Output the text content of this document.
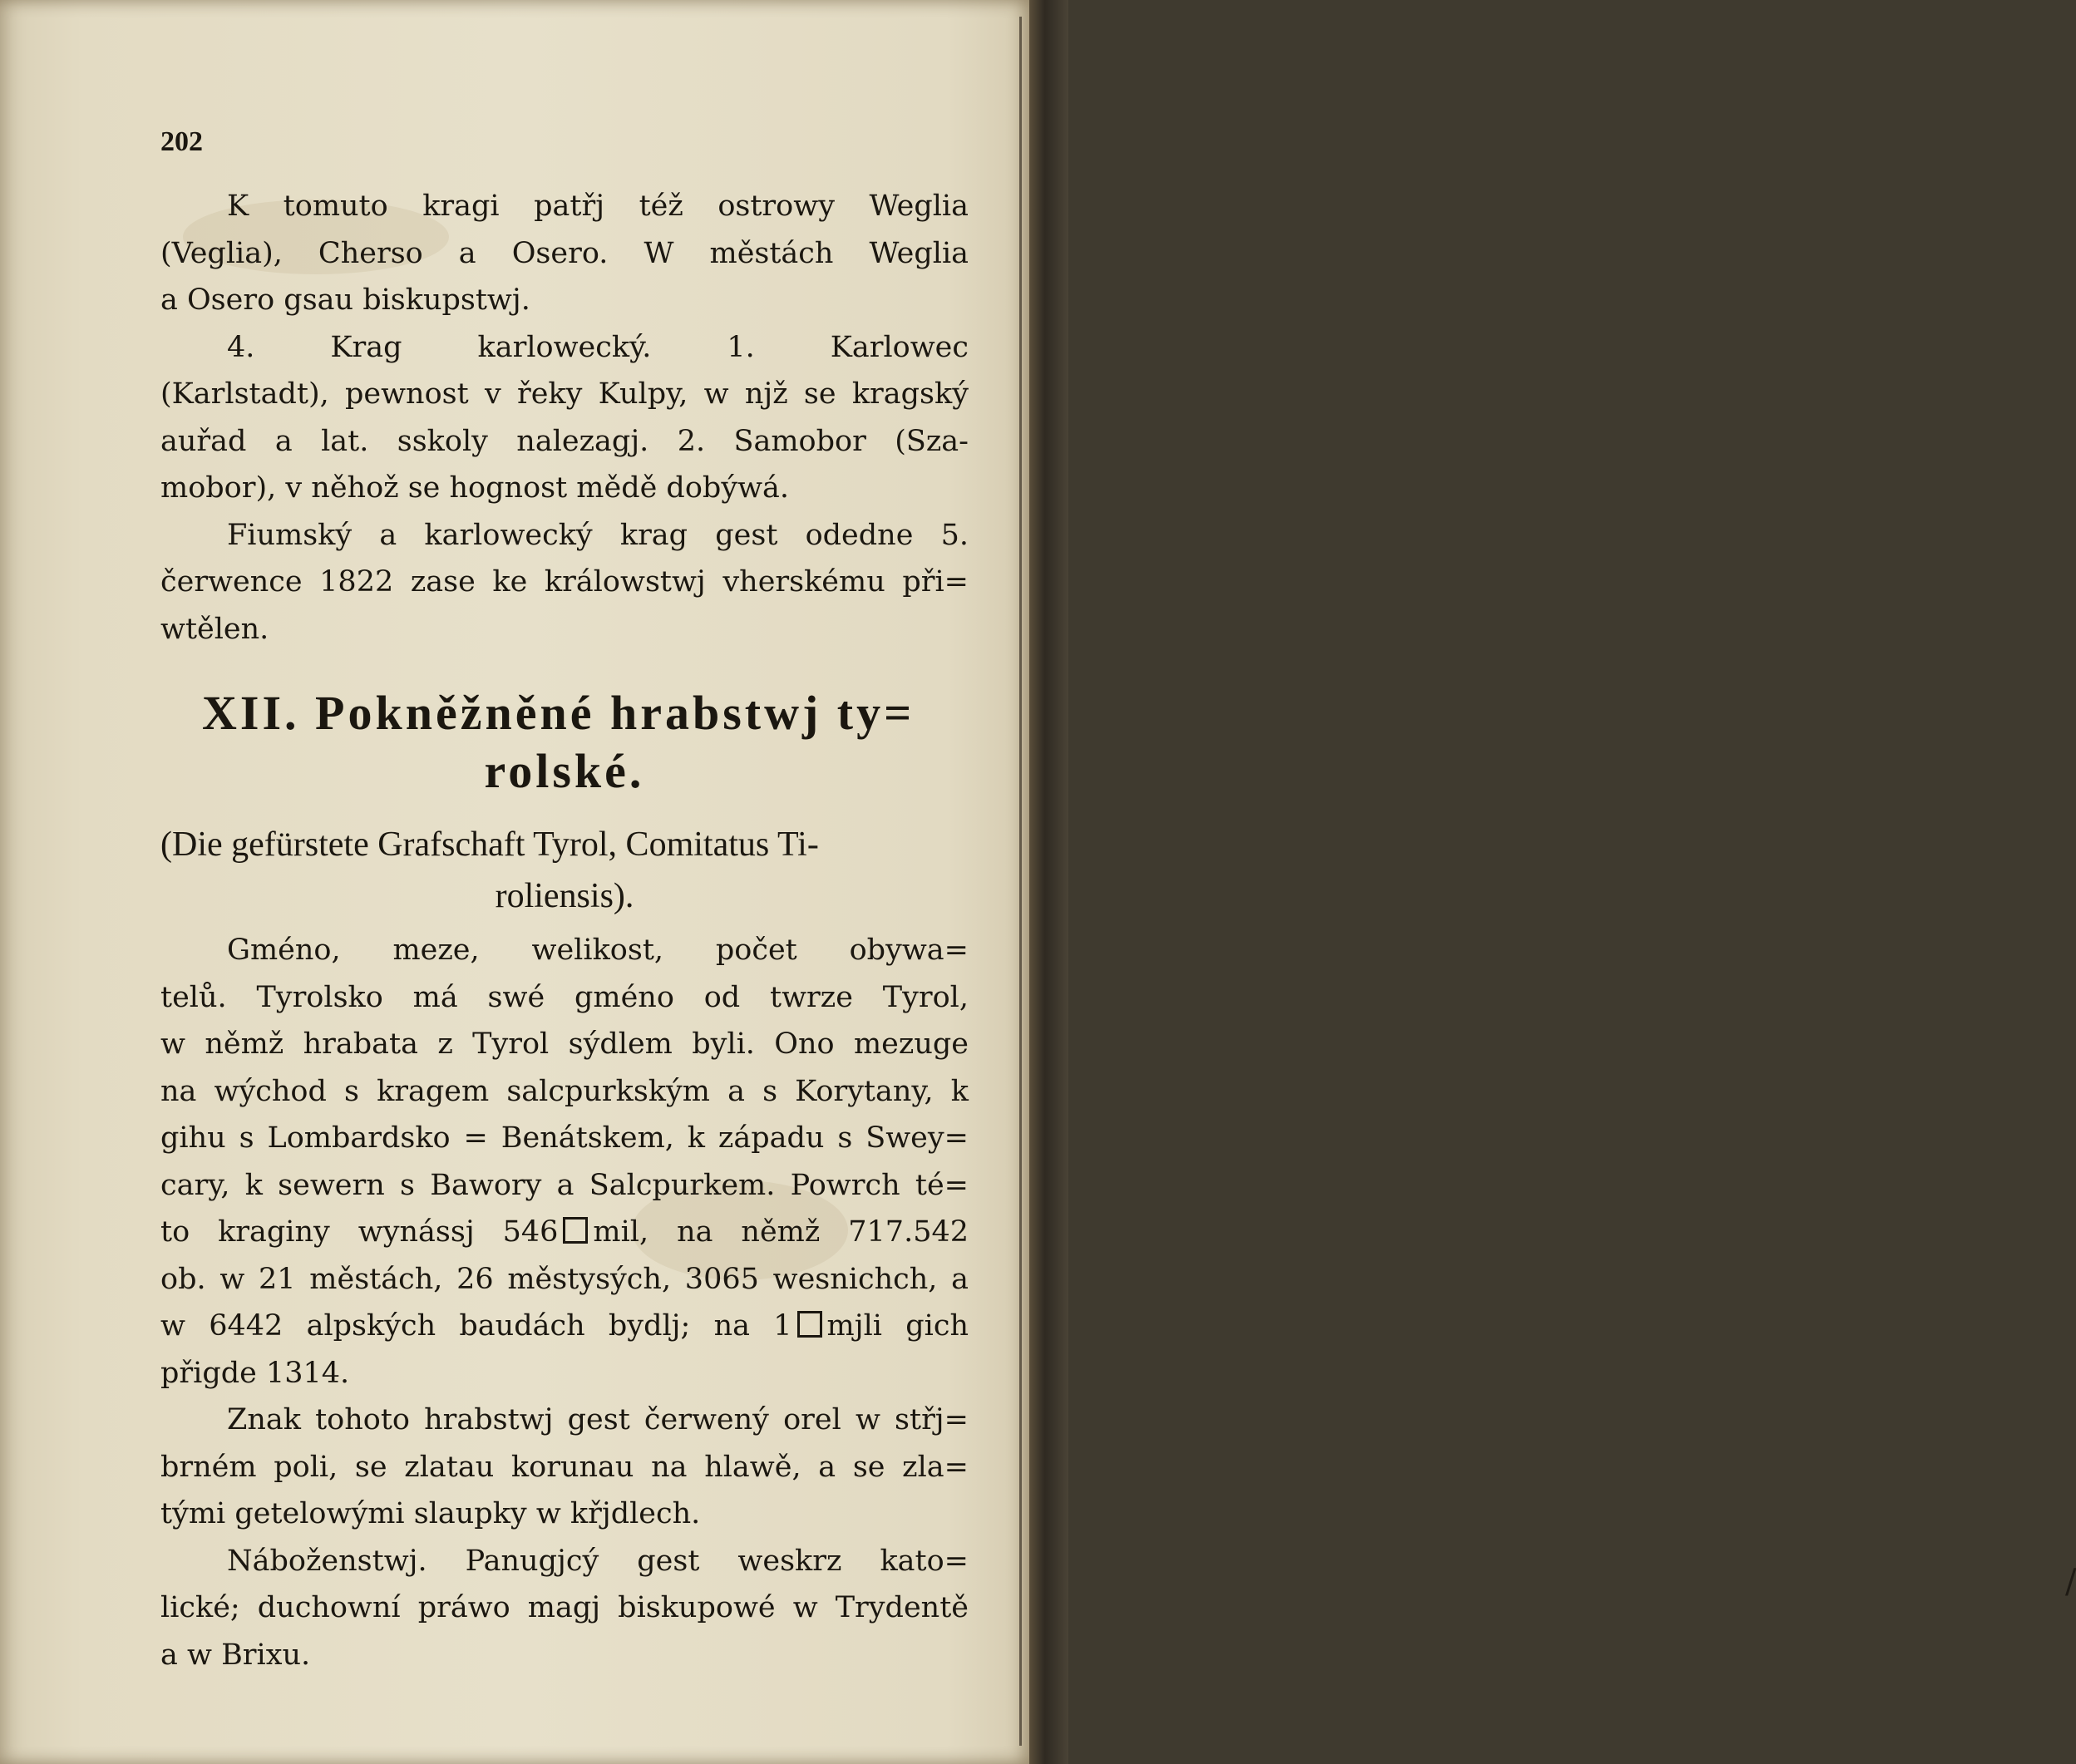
202
K tomuto kragi patřj též ostrowy Weglia
(Veglia), Cherso a Osero. W městách Weglia
a Osero gsau biskupstwj.
4. Krag karlowecký. 1. Karlowec
(Karlstadt), pewnost v řeky Kulpy, w njž se kragský
auřad a lat. sskoly nalezagj. 2. Samobor (Sza-
mobor), v něhož se hognost mědě dobýwá.
Fiumský a karlowecký krag gest odedne 5.
čerwence 1822 zase ke králowstwj vherskému při=
wtělen.
XII. Pokněžněné hrabstwj ty=
rolské.
(Die gefürstete Grafschaft Tyrol, Comitatus Ti-
roliensis).
Gméno, meze, welikost, počet obywa=
telů. Tyrolsko má swé gméno od twrze Tyrol,
w němž hrabata z Tyrol sýdlem byli. Ono mezuge
na wýchod s kragem salcpurkským a s Korytany, k
gihu s Lombardsko = Benátskem, k západu s Swey=
cary, k sewern s Bawory a Salcpurkem. Powrch té=
to kraginy wynássj 546 mil, na němž 717.542
ob. w 21 městách, 26 městysých, 3065 wesnichch, a
w 6442 alpských baudách bydlj; na 1 mjli gich
přigde 1314.
Znak tohoto hrabstwj gest čerwený orel w střj=
brném poli, se zlatau korunau na hlawě, a se zla=
tými getelowými slaupky w křjdlech.
Náboženstwj. Panugjcý gest weskrz kato=
lické; duchowní práwo magj biskupowé w Trydentě
a w Brixu.
/
